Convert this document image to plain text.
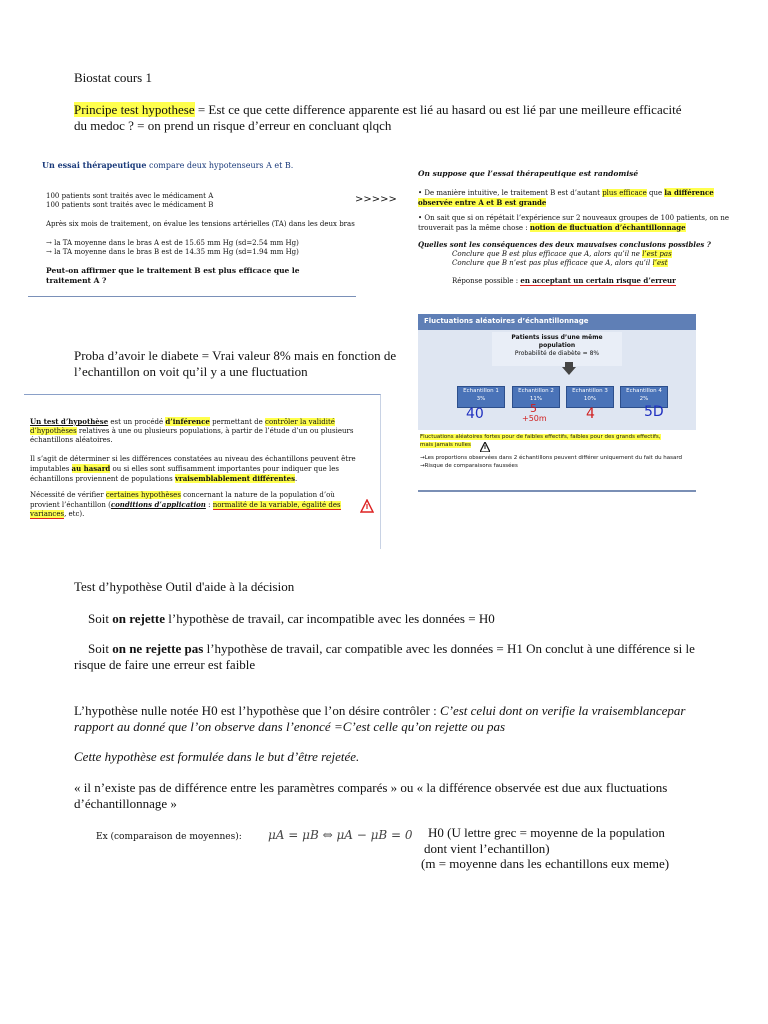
Biostat cours 1
Principe test hypothese = Est ce que cette difference apparente est lié au hasard ou est lié par une meilleure efficacité du medoc ? = on prend un risque d’erreur en concluant qlqch

Un essai thérapeutique compare deux hypotenseurs A et B.

100 patients sont traités avec le médicament A

100 patients sont traités avec le médicament B

Après six mois de traitement, on évalue les tensions artérielles (TA) dans les deux bras

→ la TA moyenne dans le bras A est de 15.65 mm Hg (sd=2.54 mm Hg)

→ la TA moyenne dans le bras B est de 14.35 mm Hg (sd=1.94 mm Hg)

Peut-on affirmer que le traitement B est plus efficace que le traitement A ?

>>>>>

On suppose que l’essai thérapeutique est randomisé

• De manière intuitive, le traitement B est d’autant plus efficace que la différence observée entre A et B est grande

• On sait que si on répétait l’expérience sur 2 nouveaux groupes de 100 patients, on ne trouverait pas la même chose : notion de fluctuation d’échantillonnage

Quelles sont les conséquences des deux mauvaises conclusions possibles ?

Conclure que B est plus efficace que A, alors qu’il ne l’est pas

Conclure que B n’est pas plus efficace que A, alors qu’il l’est

Réponse possible : en acceptant un certain risque d’erreur

Proba d’avoir le diabete = Vrai valeur 8% mais en fonction de l’echantillon on voit qu’il y a une fluctuation

Fluctuations aléatoires d’échantillonnage

Patients issus d’une même

population

Probabilité de diabète = 8%

Echantillon 1
3%
Echantillon 2
11%
Echantillon 3
10%
Echantillon 4
2%
40	5
+50m	4	5D

Fluctuations aléatoires fortes pour de faibles effectifs, faibles pour des grands effectifs,
mais jamais nulles

→Les proportions observées dans 2 échantillons peuvent différer uniquement du fait du hasard

→Risque de comparaisons faussées

Un test d’hypothèse est un procédé d’inférence permettant de contrôler la validité d’hypothèses relatives à une ou plusieurs populations, à partir de l’étude d’un ou plusieurs échantillons aléatoires.

Il s’agit de déterminer si les différences constatées au niveau des échantillons peuvent être imputables au hasard ou si elles sont suffisamment importantes pour indiquer que les échantillons proviennent de populations vraisemblablement différentes.

Nécessité de vérifier certaines hypothèses concernant la nature de la population d’où provient l’échantillon (conditions d’application : normalité de la variable, égalité des variances, etc).

Test d’hypothèse Outil d'aide à la décision
Soit on rejette l’hypothèse de travail, car incompatible avec les données = H0
Soit on ne rejette pas l’hypothèse de travail, car compatible avec les données = H1 On conclut à une différence si le risque de faire une erreur est faible
L’hypothèse nulle notée H0 est l’hypothèse que l’on désire contrôler : C’est celui dont on verifie la vraisemblancepar rapport au donné que l’on observe dans l’enoncé =C’est celle qu’on rejette ou pas
Cette hypothèse est formulée dans le but d’être rejetée.
« il n’existe pas de différence entre les paramètres comparés » ou « la différence observée est due aux fluctuations d’échantillonnage »

Ex (comparaison de moyennes): μA = μB ⇔ μA − μB = 0 H0 (U lettre grec = moyenne de la population
dont vient l’echantillon)
(m = moyenne dans les echantillons eux meme)
